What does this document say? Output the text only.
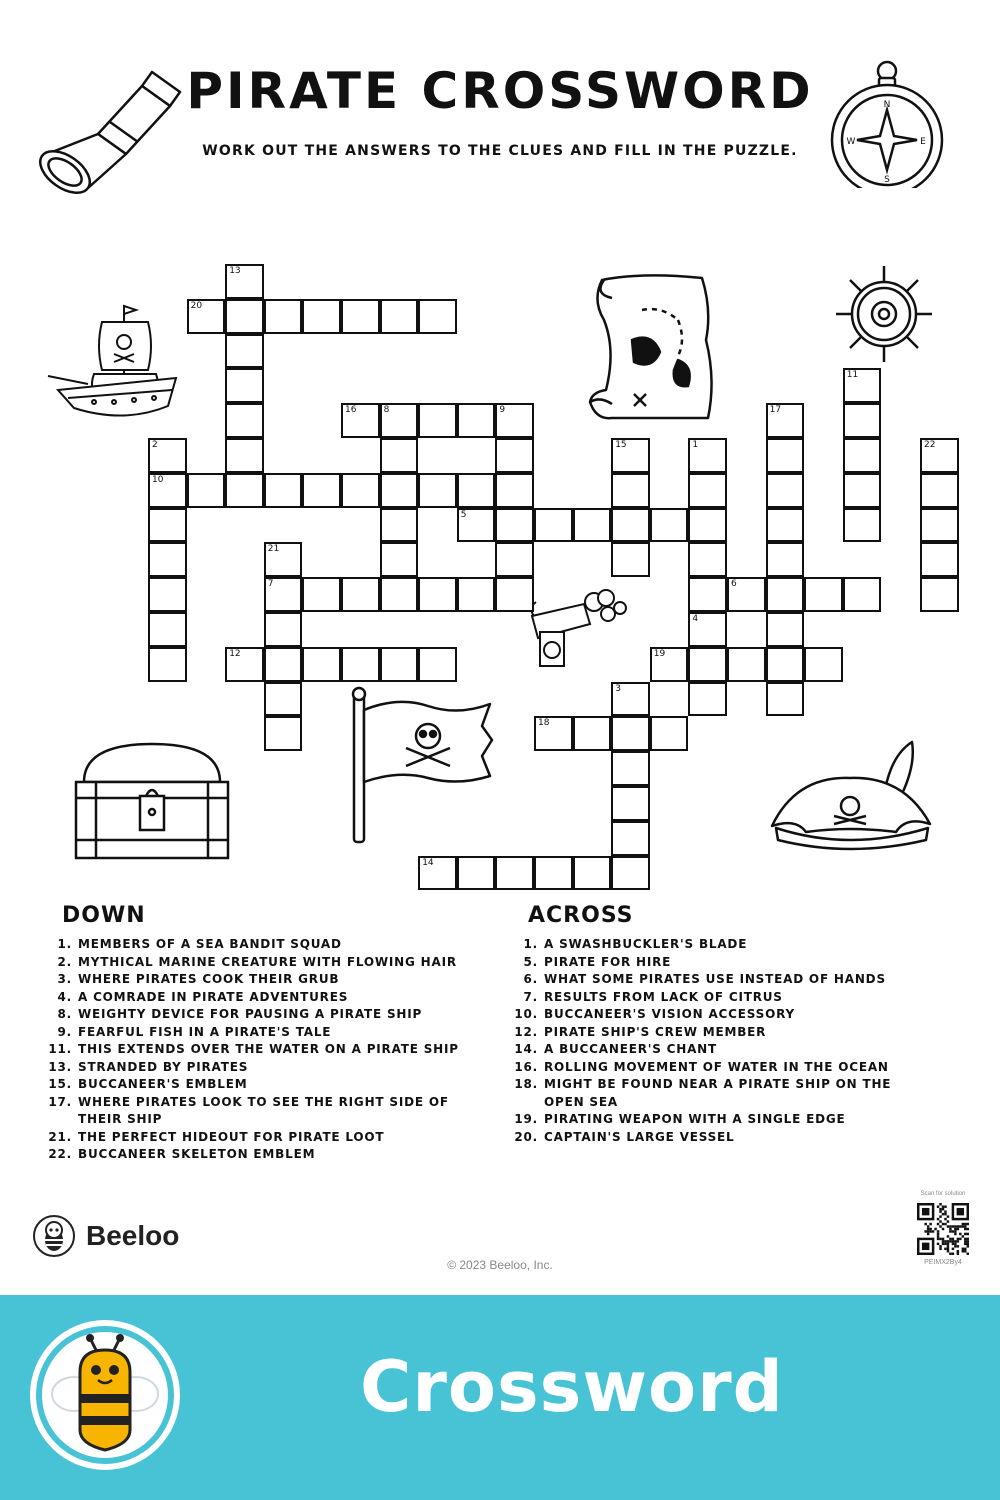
PIRATE CROSSWORD
WORK OUT THE ANSWERS TO THE CLUES AND FILL IN THE PUZZLE.
N
S
E
W
1
2
10
3
4
5
6
7
8	9
11
12
13
14
15
16	17
18
19
20
21
22
DOWN
1. MEMBERS OF A SEA BANDIT SQUAD
2. MYTHICAL MARINE CREATURE WITH FLOWING HAIR
3. WHERE PIRATES COOK THEIR GRUB
4. A COMRADE IN PIRATE ADVENTURES
8. WEIGHTY DEVICE FOR PAUSING A PIRATE SHIP
9. FEARFUL FISH IN A PIRATE'S TALE
11. THIS EXTENDS OVER THE WATER ON A PIRATE SHIP
13. STRANDED BY PIRATES
15. BUCCANEER'S EMBLEM
17. WHERE PIRATES LOOK TO SEE THE RIGHT SIDE OF THEIR SHIP
21. THE PERFECT HIDEOUT FOR PIRATE LOOT
22. BUCCANEER SKELETON EMBLEM
ACROSS
1. A SWASHBUCKLER'S BLADE
5. PIRATE FOR HIRE
6. WHAT SOME PIRATES USE INSTEAD OF HANDS
7. RESULTS FROM LACK OF CITRUS
10. BUCCANEER'S VISION ACCESSORY
12. PIRATE SHIP'S CREW MEMBER
14. A BUCCANEER'S CHANT
16. ROLLING MOVEMENT OF WATER IN THE OCEAN
18. MIGHT BE FOUND NEAR A PIRATE SHIP ON THE OPEN SEA
19. PIRATING WEAPON WITH A SINGLE EDGE
20. CAPTAIN'S LARGE VESSEL
Beeloo
© 2023 Beeloo, Inc.
Scan for solution
PEIMX2By4
Crossword
